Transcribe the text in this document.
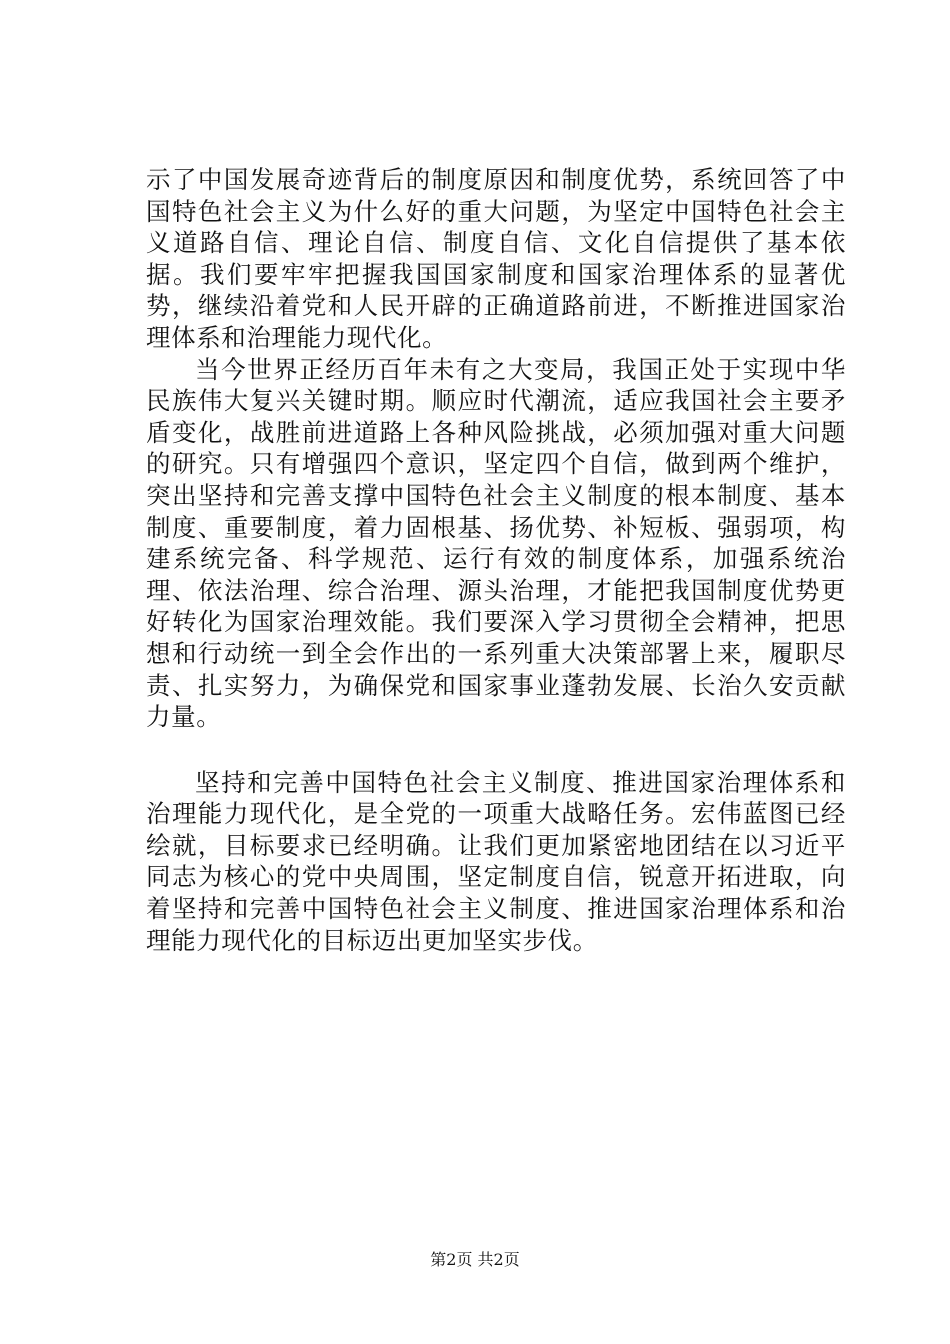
示了中国发展奇迹背后的制度原因和制度优势，系统回答了中国特色社会主义为什么好的重大问题，为坚定中国特色社会主义道路自信、理论自信、制度自信、文化自信提供了基本依据。我们要牢牢把握我国国家制度和国家治理体系的显著优势，继续沿着党和人民开辟的正确道路前进，不断推进国家治理体系和治理能力现代化。

当今世界正经历百年未有之大变局，我国正处于实现中华民族伟大复兴关键时期。顺应时代潮流，适应我国社会主要矛盾变化，战胜前进道路上各种风险挑战，必须加强对重大问题的研究。只有增强四个意识，坚定四个自信，做到两个维护，突出坚持和完善支撑中国特色社会主义制度的根本制度、基本制度、重要制度，着力固根基、扬优势、补短板、强弱项，构建系统完备、科学规范、运行有效的制度体系，加强系统治理、依法治理、综合治理、源头治理，才能把我国制度优势更好转化为国家治理效能。我们要深入学习贯彻全会精神，把思想和行动统一到全会作出的一系列重大决策部署上来，履职尽责、扎实努力，为确保党和国家事业蓬勃发展、长治久安贡献力量。

坚持和完善中国特色社会主义制度、推进国家治理体系和治理能力现代化，是全党的一项重大战略任务。宏伟蓝图已经绘就，目标要求已经明确。让我们更加紧密地团结在以习近平同志为核心的党中央周围，坚定制度自信，锐意开拓进取，向着坚持和完善中国特色社会主义制度、推进国家治理体系和治理能力现代化的目标迈出更加坚实步伐。

第2页 共2页
